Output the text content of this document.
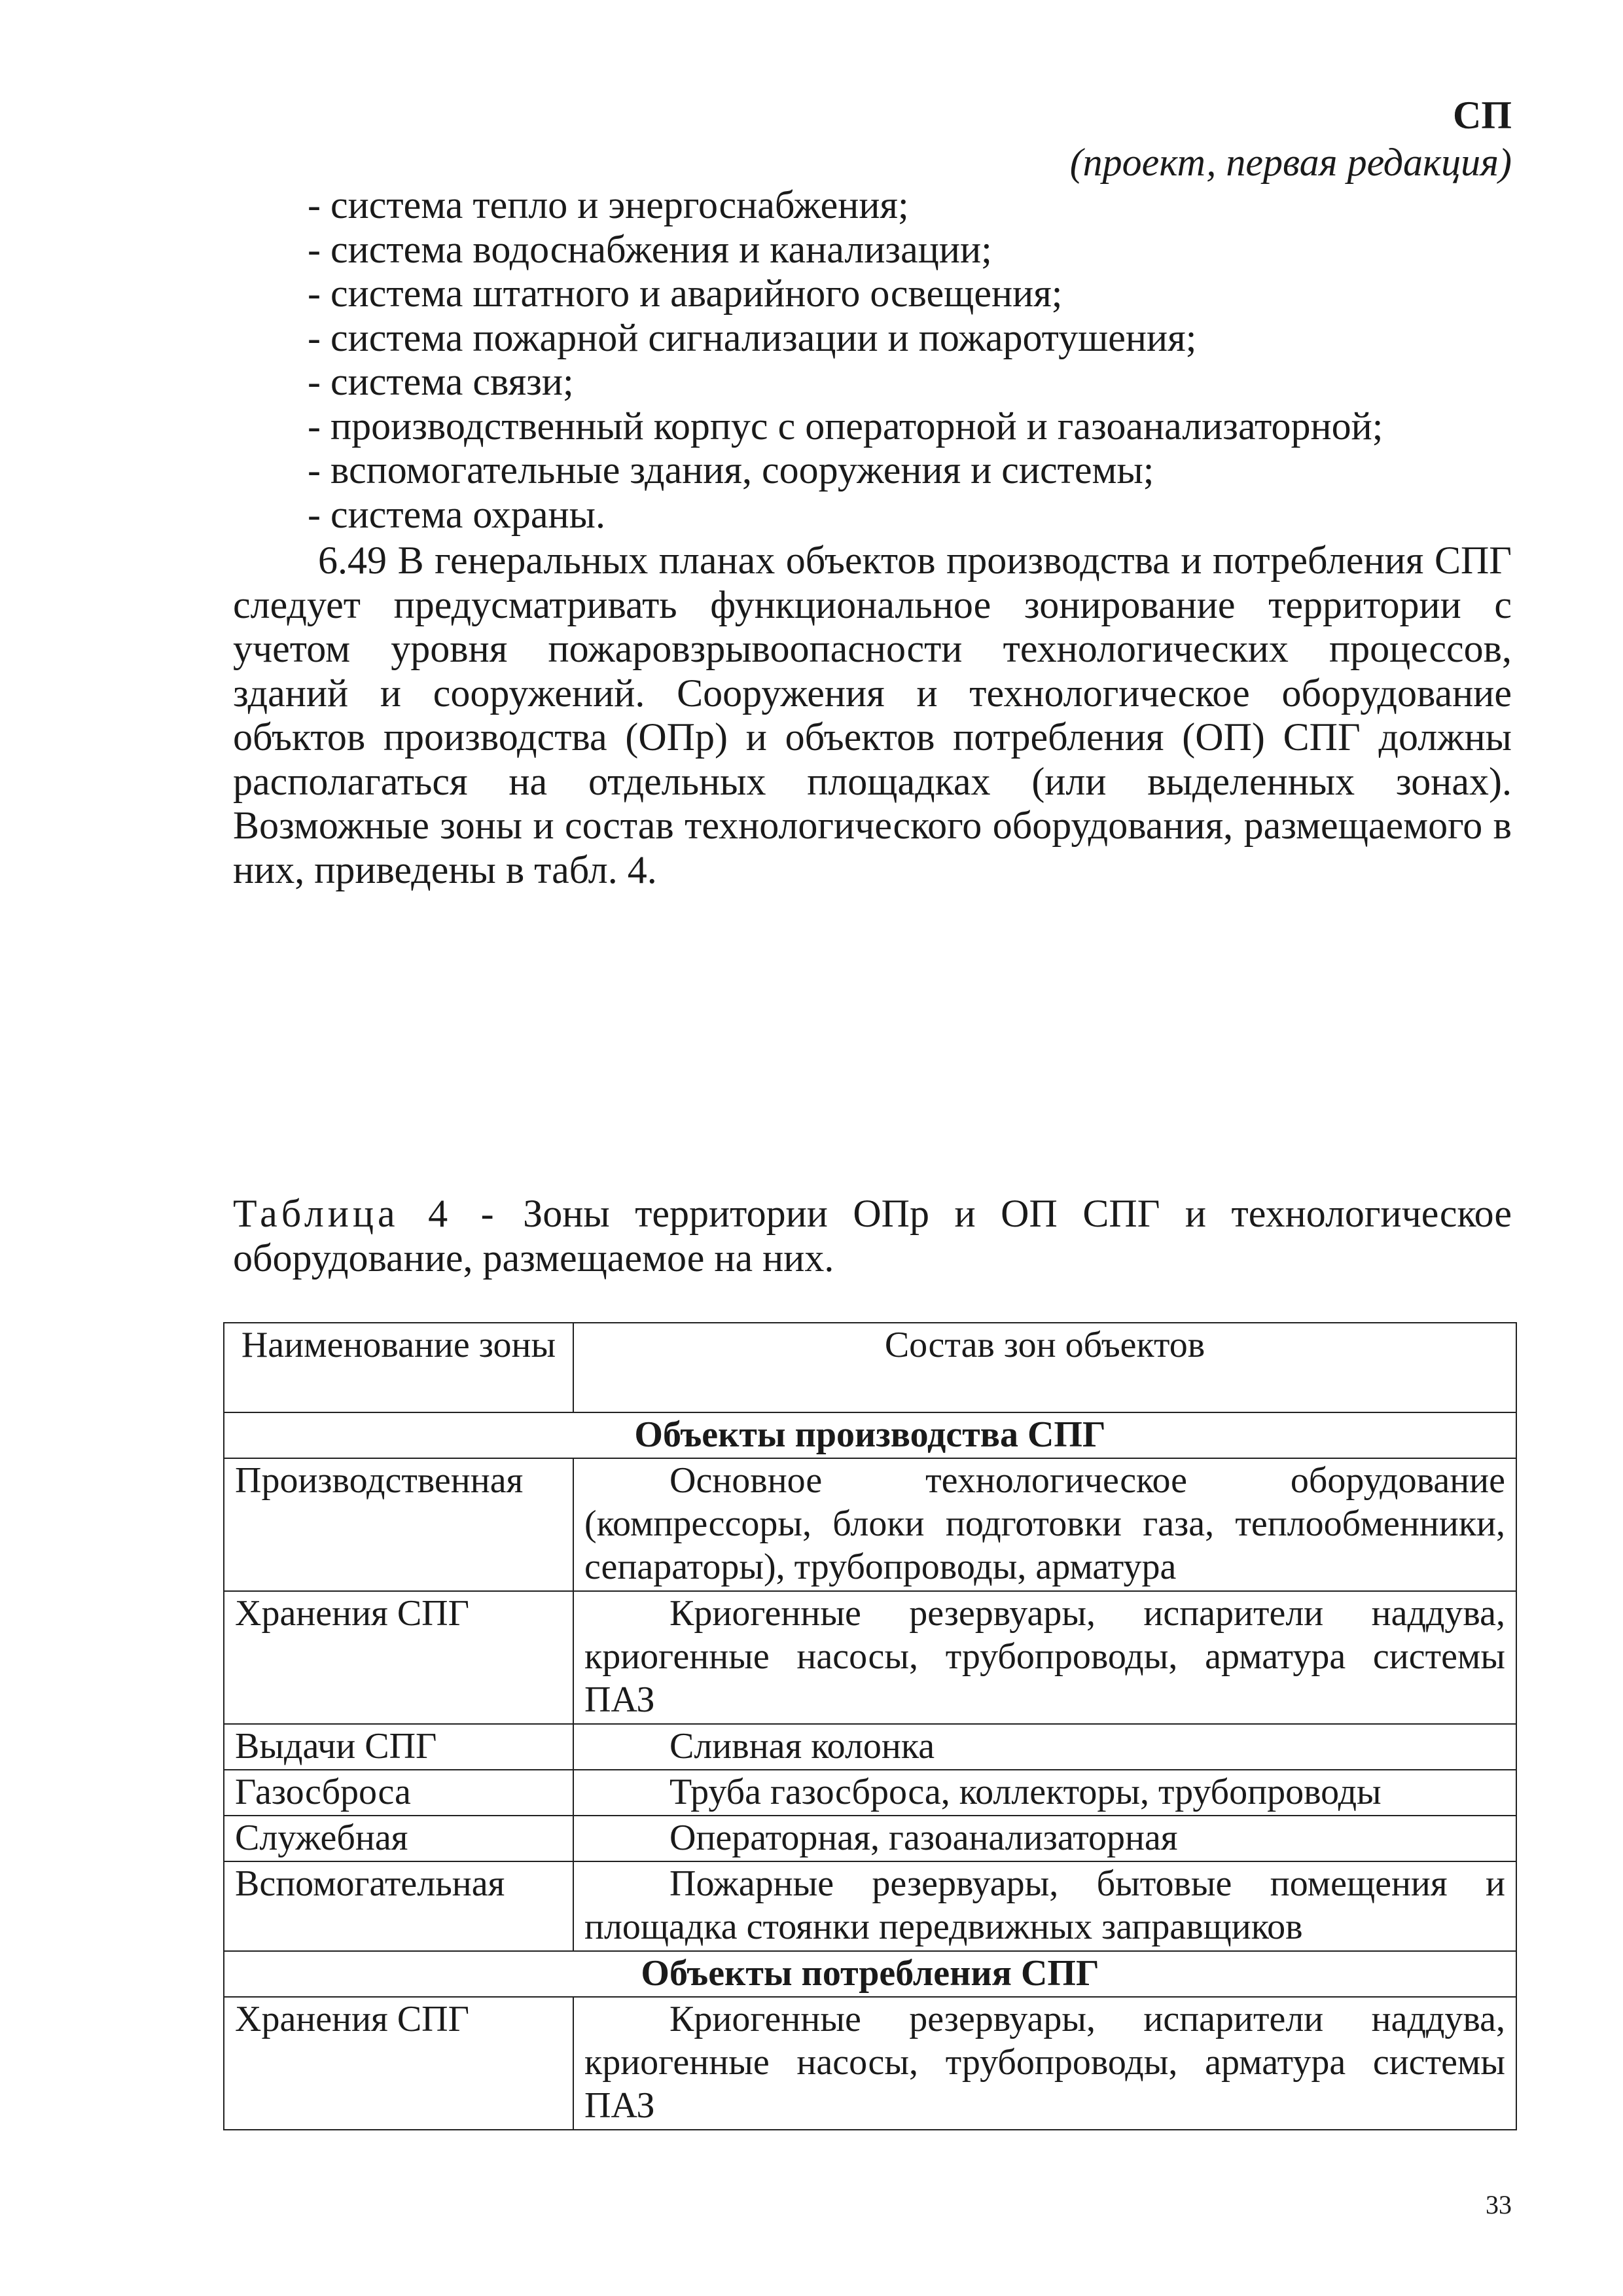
СП
(проект, первая редакция)
- система тепло и энергоснабжения;
- система водоснабжения и канализации;
- система штатного и аварийного освещения;
- система пожарной сигнализации и пожаротушения;
- система связи;
- производственный корпус с операторной и газоанализаторной;
- вспомогательные здания, сооружения и системы;
- система охраны.

6.49 В генеральных планах объектов производства и потребления СПГ следует предусматривать функциональное зонирование территории с учетом уровня пожаровзрывоопасности технологических процессов, зданий и сооружений. Сооружения и технологическое оборудование объктов производства (ОПр) и объектов потребления (ОП) СПГ должны располагаться на отдельных площадках (или выделенных зонах). Возможные зоны и состав технологического оборудования, размещаемого в них, приведены в табл. 4.

Таблица 4 - Зоны территории ОПр и ОП СПГ и технологическое оборудование, размещаемое на них.

Наименование зоны	Состав зон объектов
Объекты производства СПГ	
Производственная	Основное технологическое оборудование (компрессоры, блоки подготовки газа, теплообменники, сепараторы), трубопроводы, арматура
Хранения СПГ	Криогенные резервуары, испарители наддува, криогенные насосы, трубопроводы, арматура системы ПАЗ
Выдачи СПГ	Сливная колонка
Газосброса	Труба газосброса, коллекторы, трубопроводы
Служебная	Операторная, газоанализаторная
Вспомогательная	Пожарные резервуары, бытовые помещения и площадка стоянки передвижных заправщиков
Объекты потребления СПГ	
Хранения СПГ	Криогенные резервуары, испарители наддува, криогенные насосы, трубопроводы, арматура системы ПАЗ
33
